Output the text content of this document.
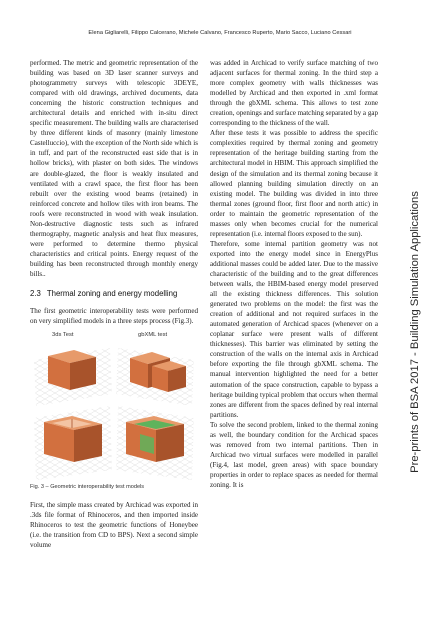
Elena Gigliarelli, Filippo Calcerano, Michele Calvano, Francesco Ruperto, Mario Sacco, Luciano Cessari

performed. The metric and geometric representation of the building was based on 3D laser scanner surveys and photogrammetry surveys with telescopic 3DEYE, compared with old drawings, archived documents, data concerning the historic construction techniques and architectural details and enriched with in-situ direct specific measurement. The building walls are characterised by three different kinds of masonry (mainly limestone Castelluccio), with the exception of the North side which is in tuff, and part of the reconstructed east side that is in hollow bricks), with plaster on both sides. The windows are double-glazed, the floor is weakly insulated and ventilated with a crawl space, the first floor has been rebuilt over the existing wood beams (retained) in reinforced concrete and hollow tiles with iron beams. The roofs were reconstructed in wood with weak insulation. Non-destructive diagnostic tests such as infrared thermography, magnetic analysis and heat flux measures, were performed to determine thermo physical characteristics and critical points. Energy request of the building has been reconstructed through monthly energy bills..

2.3 Thermal zoning and energy modelling

The first geometric interoperability tests were performed on very simplified models in a three steps process (Fig.3).

3ds Test	gbXML test
Fig. 3 – Geometric interoperability test models

First, the simple mass created by Archicad was exported in .3ds file format of Rhinoceros, and then imported inside Rhinoceros to test the geometric functions of Honeybee (i.e. the transition from CD to BPS). Next a second simple volume

was added in Archicad to verify surface matching of two adjacent surfaces for thermal zoning. In the third step a more complex geometry with walls thicknesses was modelled by Archicad and then exported in .xml format through the gbXML schema. This allows to test zone creation, openings and surface matching separated by a gap corresponding to the thickness of the wall.

After these tests it was possible to address the specific complexities required by thermal zoning and geometry representation of the heritage building starting from the architectural model in HBIM. This approach simplified the design of the simulation and its thermal zoning because it allowed planning building simulation directly on an existing model. The building was divided in into three thermal zones (ground floor, first floor and north attic) in order to maintain the geometric representation of the masses only when becomes crucial for the numerical representation (i.e. internal floors exposed to the sun).

Therefore, some internal partition geometry was not exported into the energy model since in EnergyPlus additional masses could be added later. Due to the massive characteristic of the building and to the great differences between walls, the HBIM-based energy model preserved all the existing thickness differences. This solution generated two problems on the model: the first was the creation of additional and not required surfaces in the automated generation of Archicad spaces (whenever on a coplanar surface were present walls of different thicknesses). This barrier was eliminated by setting the construction of the walls on the internal axis in Archicad before exporting the file through gbXML schema. The manual intervention highlighted the need for a better automation of the space construction, capable to bypass a heritage building typical problem that occurs when thermal zones are different from the spaces defined by real internal partitions.

To solve the second problem, linked to the thermal zoning as well, the boundary condition for the Archicad spaces was removed from two internal partitions. Then in Archicad two virtual surfaces were modelled in parallel (Fig.4, last model, green areas) with space boundary properties in order to replace spaces as needed for thermal zoning. It is

Pre-prints of BSA 2017 - Building Simulation Applications
